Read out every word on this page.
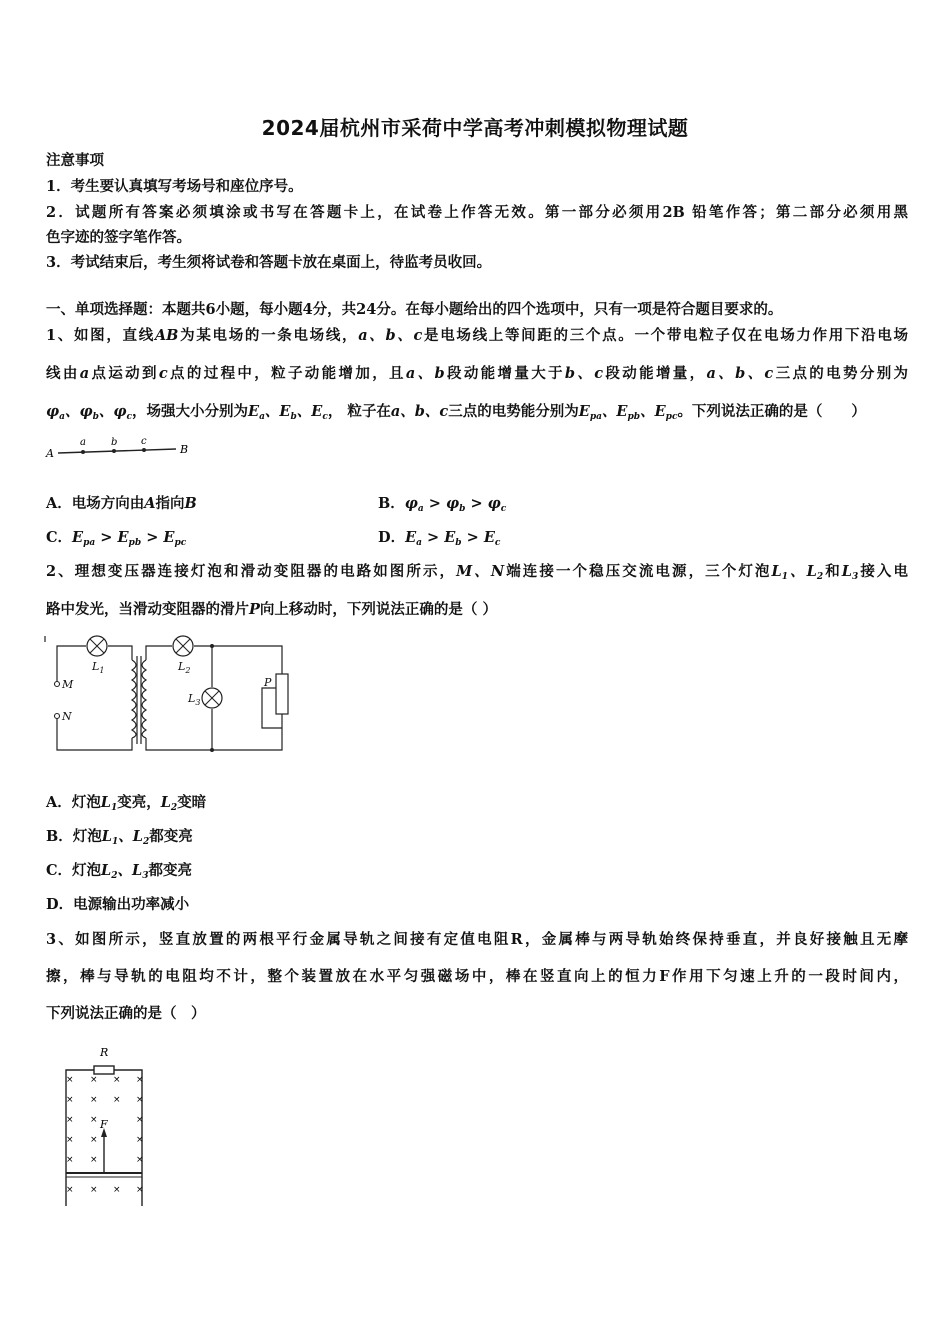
2024届杭州市采荷中学高考冲刺模拟物理试题
注意事项
1．考生要认真填写考场号和座位序号。
2．试题所有答案必须填涂或书写在答题卡上，在试卷上作答无效。第一部分必须用2B 铅笔作答；第二部分必须用黑
色字迹的签字笔作答。
3．考试结束后，考生须将试卷和答题卡放在桌面上，待监考员收回。
一、单项选择题：本题共6小题，每小题4分，共24分。在每小题给出的四个选项中，只有一项是符合题目要求的。
1、如图，直线AB为某电场的一条电场线，a、b、c是电场线上等间距的三个点。一个带电粒子仅在电场力作用下沿电场
线由a点运动到c点的过程中，粒子动能增加，且a、b段动能增量大于b、c段动能增量，a、b、c三点的电势分别为
$\varphi_a$、$\varphi_b$、$\varphi_c$，场强大小分别为$E_a$、$E_b$、$E_c$， 粒子在a、b、c三点的电势能分别为$E_{pa}$、$E_{pb}$、$E_{pc}$。下列说法正确的是（　　）
A	B
a	b c
A．电场方向由A指向B	B．$\varphi_a > \varphi_b > \varphi_c$
C．$E_{pa} > E_{pb} > E_{pc}$	D．$E_a > E_b > E_c$
2、理想变压器连接灯泡和滑动变阻器的电路如图所示，M、N端连接一个稳压交流电源，三个灯泡$L_1$、$L_2$和$L_3$接入电
路中发光，当滑动变阻器的滑片P向上移动时，下列说法正确的是（ ）
M
N
$L_1$	$L_2$
$L_3$
P
A．灯泡$L_1$变亮，$L_2$变暗
B．灯泡$L_1$、$L_2$都变亮
C．灯泡$L_2$、$L_3$都变亮
D．电源输出功率减小
3、如图所示，竖直放置的两根平行金属导轨之间接有定值电阻R，金属棒与两导轨始终保持垂直，并良好接触且无摩
擦，棒与导轨的电阻均不计，整个装置放在水平匀强磁场中，棒在竖直向上的恒力F作用下匀速上升的一段时间内，
下列说法正确的是（　）
R
F
× × × ×
× × × ×
× ×	×
× ×	×
× ×	×
× × × ×
